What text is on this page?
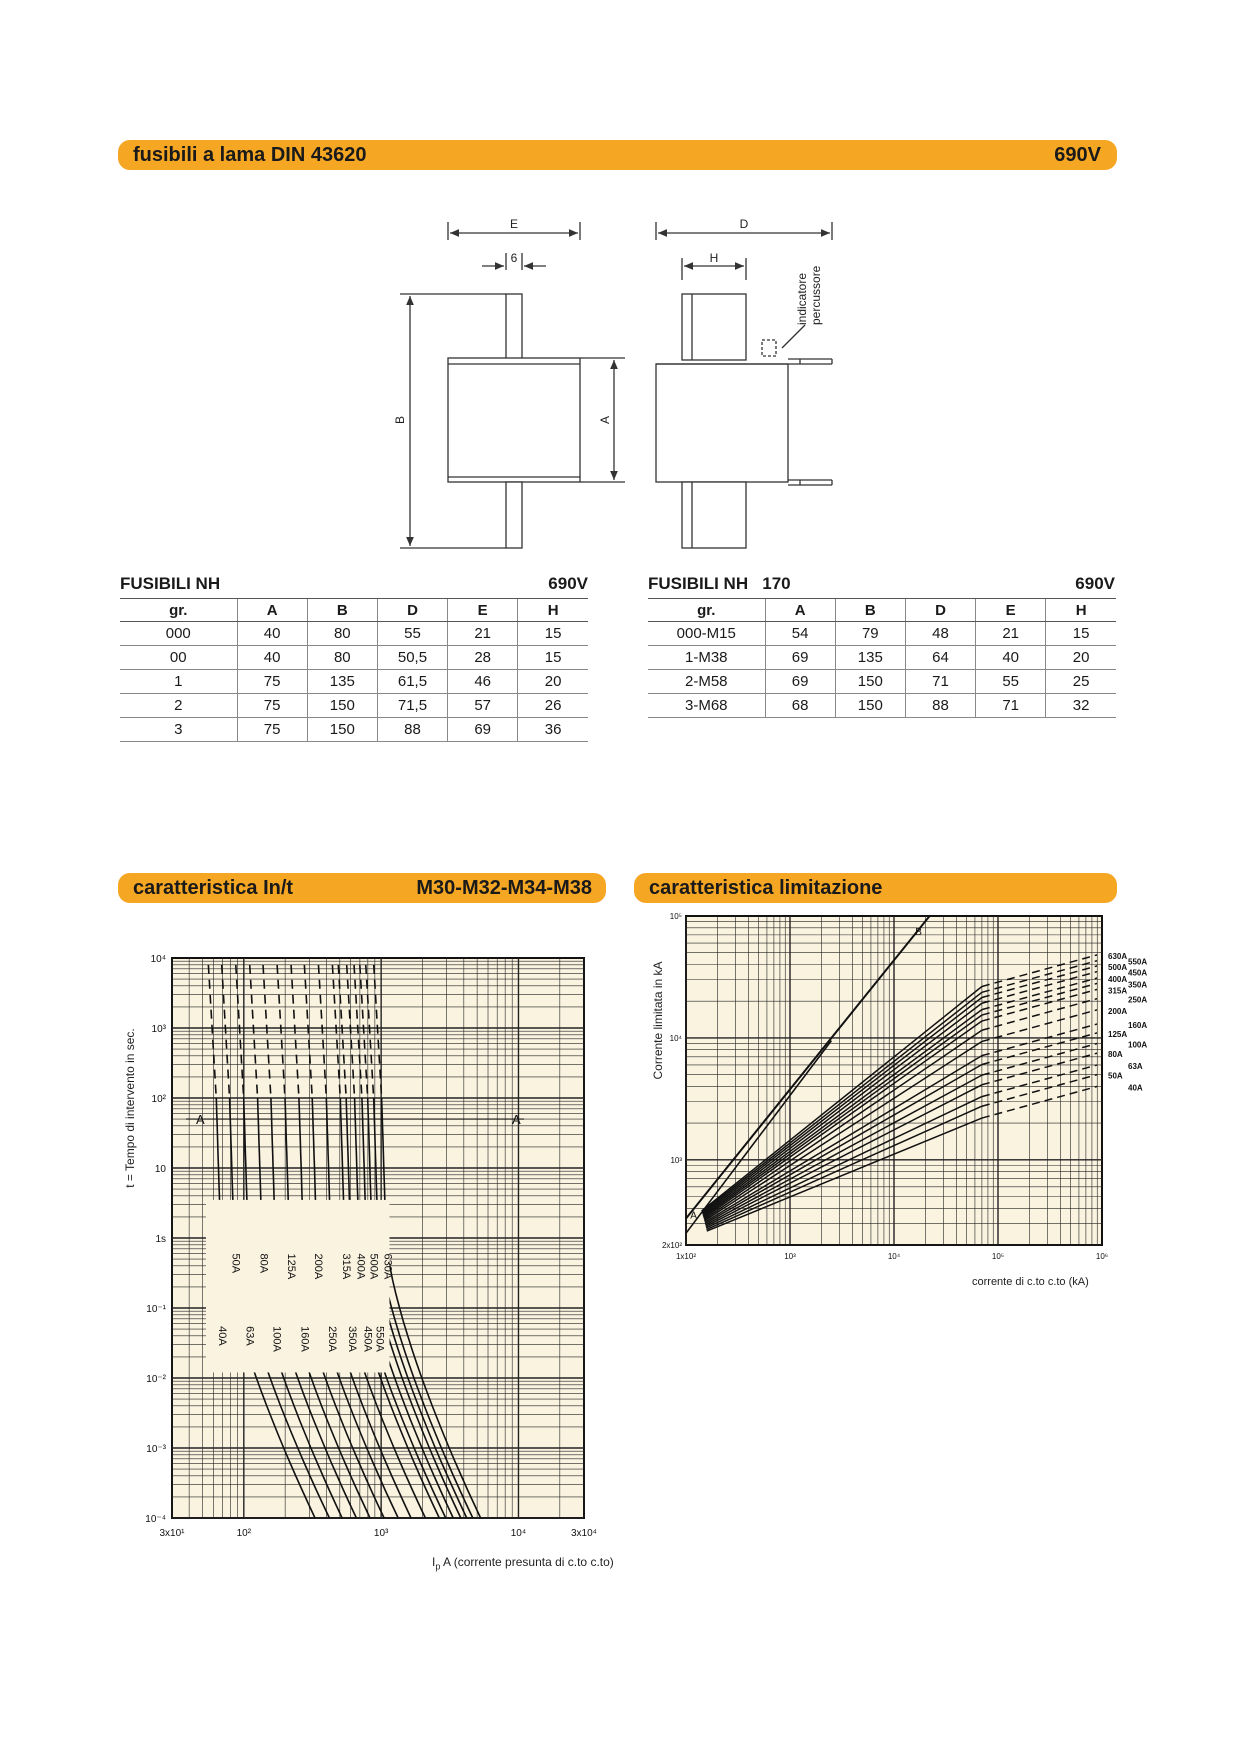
fusibili a lama DIN 43620	690V
E
6
B	A
D
H
indicatore percussore
FUSIBILI NH	690V
gr.	A	B	D	E	H
000	40	80	55	21	15
00	40	80	50,5	28	15
1	75	135	61,5	46	20
2	75	150	71,5	57	26
3	75	150	88	69	36
FUSIBILI NH   170	690V
gr.	A	B	D	E	H
000-M15	54	79	48	21	15
1-M38	69	135	64	40	20
2-M58	69	150	71	55	25
3-M68	68	150	88	71	32
caratteristica In/t	M30-M32-M34-M38	caratteristica limitazione
A	A
40A
50A
63A
80A
100A
125A
160A
200A
250A
315A
350A
400A
450A
500A
550A
630A
3x10¹	10²	10³	10⁴	3x10⁴
10⁴
10³
10²
10
1s
10⁻¹
10⁻²
10⁻³
10⁻⁴
t = Tempo di intervento in sec.
$I_p$ A (corrente presunta di c.to c.to)
B
A
630A
550A
500A
450A
400A
350A
315A
250A
200A
160A
125A
100A
80A
63A
50A
40A
1x10²	10³	10⁴	10⁵	10⁶
10⁵
10⁴
10³
2x10²
Corrente limitata in kA
corrente di c.to c.to (kA)
